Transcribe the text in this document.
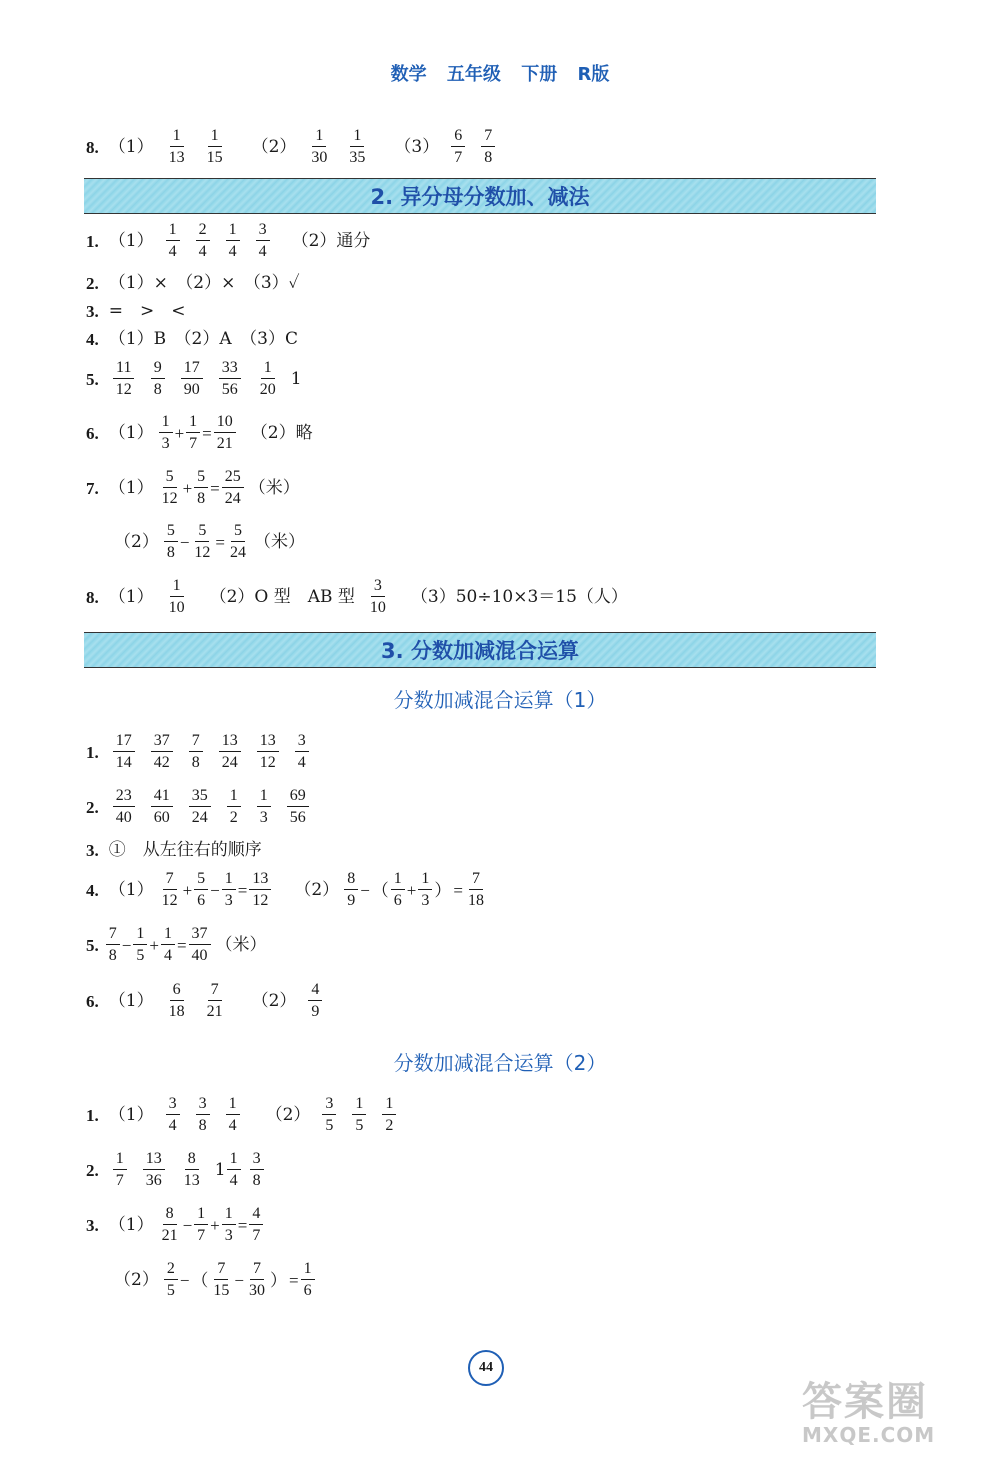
数学 五年级 下册 R版
8. $(1) \frac{1}{13} \frac{1}{15} (2) \frac{1}{30} \frac{1}{35} (3) \frac{6}{7} \frac{7}{8}$
2. 异分母分数加、减法
1. $(1) \frac{1}{4} \frac{2}{4} \frac{1}{4} \frac{3}{4} (2)$通分
2. （1）×　（2）×　（3）✓
3. =　>　<
4. （1）B　（2）A　（3）C
5. $\frac{11}{12} \frac{9}{8} \frac{17}{90} \frac{33}{56} \frac{1}{20} 1$
6. $(1) \frac{1}{3} + \frac{1}{7} = \frac{10}{21} (2)$略
7. $(1) \frac{5}{12} + \frac{5}{8} = \frac{25}{24}$ （米）
$(2) \frac{5}{8} - \frac{5}{12} = \frac{5}{24}$ （米）
8. $(1) \frac{1}{10} (2)O$ 型　AB 型 $\frac{3}{10} (3)50\div 10\times 3=15$（人）
3. 分数加减混合运算
分数加减混合运算（1）
1. $\frac{17}{14} \frac{37}{42} \frac{7}{8} \frac{13}{24} \frac{13}{12} \frac{3}{4}$
2. $\frac{23}{40} \frac{41}{60} \frac{35}{24} \frac{1}{2} \frac{1}{3} \frac{69}{56}$
3. ①　从左往右的顺序
4. $(1) \frac{7}{12} + \frac{5}{6} - \frac{1}{3} = \frac{13}{12} (2) \frac{8}{9}$ − （ $\frac{1}{6} + \frac{1}{3}$ ） = $\frac{7}{18}$
5. $\frac{7}{8} - \frac{1}{5} + \frac{1}{4} = \frac{37}{40}$ （米）
6. $(1) \frac{6}{18} \frac{7}{21} (2) \frac{4}{9}$
分数加减混合运算（2）
1. $(1) \frac{3}{4} \frac{3}{8} \frac{1}{4} (2) \frac{3}{5} \frac{1}{5} \frac{1}{2}$
2. $\frac{1}{7} \frac{13}{36} \frac{8}{13} 1 \frac{1}{4} \frac{3}{8}$
3. $(1) \frac{8}{21} - \frac{1}{7} + \frac{1}{3} = \frac{4}{7}$
$(2) \frac{2}{5}$ − （ $\frac{7}{15} - \frac{7}{30}$ ） = $\frac{1}{6}$
44
答案圈
MXQE.COM
